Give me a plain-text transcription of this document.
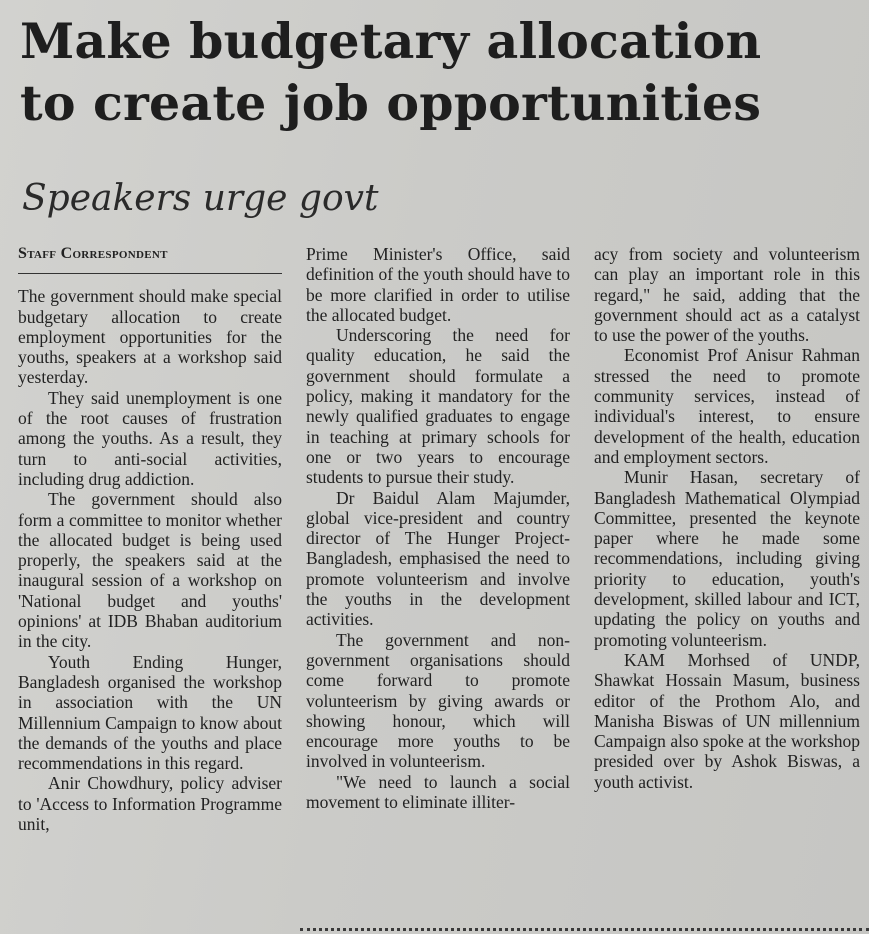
Make budgetary allocation
to create job opportunities
Speakers urge govt
Staff Correspondent

The government should make special budgetary allocation to create employment opportunities for the youths, speakers at a workshop said yesterday.

They said unemployment is one of the root causes of frustration among the youths. As a result, they turn to anti-social activities, including drug addiction.

The government should also form a committee to monitor whether the allocated budget is being used properly, the speakers said at the inaugural session of a workshop on 'National budget and youths' opinions' at IDB Bhaban auditorium in the city.

Youth Ending Hunger, Bangladesh organised the workshop in association with the UN Millennium Campaign to know about the demands of the youths and place recommendations in this regard.

Anir Chowdhury, policy adviser to 'Access to Information Programme unit,

Prime Minister's Office, said definition of the youth should have to be more clarified in order to utilise the allocated budget.

Underscoring the need for quality education, he said the government should formulate a policy, making it mandatory for the newly qualified graduates to engage in teaching at primary schools for one or two years to encourage students to pursue their study.

Dr Baidul Alam Majumder, global vice-president and country director of The Hunger Project-Bangladesh, emphasised the need to promote volunteerism and involve the youths in the development activities.

The government and non-government organisations should come forward to promote volunteerism by giving awards or showing honour, which will encourage more youths to be involved in volunteerism.

"We need to launch a social movement to eliminate illiter-

acy from society and volunteerism can play an important role in this regard," he said, adding that the government should act as a catalyst to use the power of the youths.

Economist Prof Anisur Rahman stressed the need to promote community services, instead of individual's interest, to ensure development of the health, education and employment sectors.

Munir Hasan, secretary of Bangladesh Mathematical Olympiad Committee, presented the keynote paper where he made some recommendations, including giving priority to education, youth's development, skilled labour and ICT, updating the policy on youths and promoting volunteerism.

KAM Morhsed of UNDP, Shawkat Hossain Masum, business editor of the Prothom Alo, and Manisha Biswas of UN millennium Campaign also spoke at the workshop presided over by Ashok Biswas, a youth activist.
